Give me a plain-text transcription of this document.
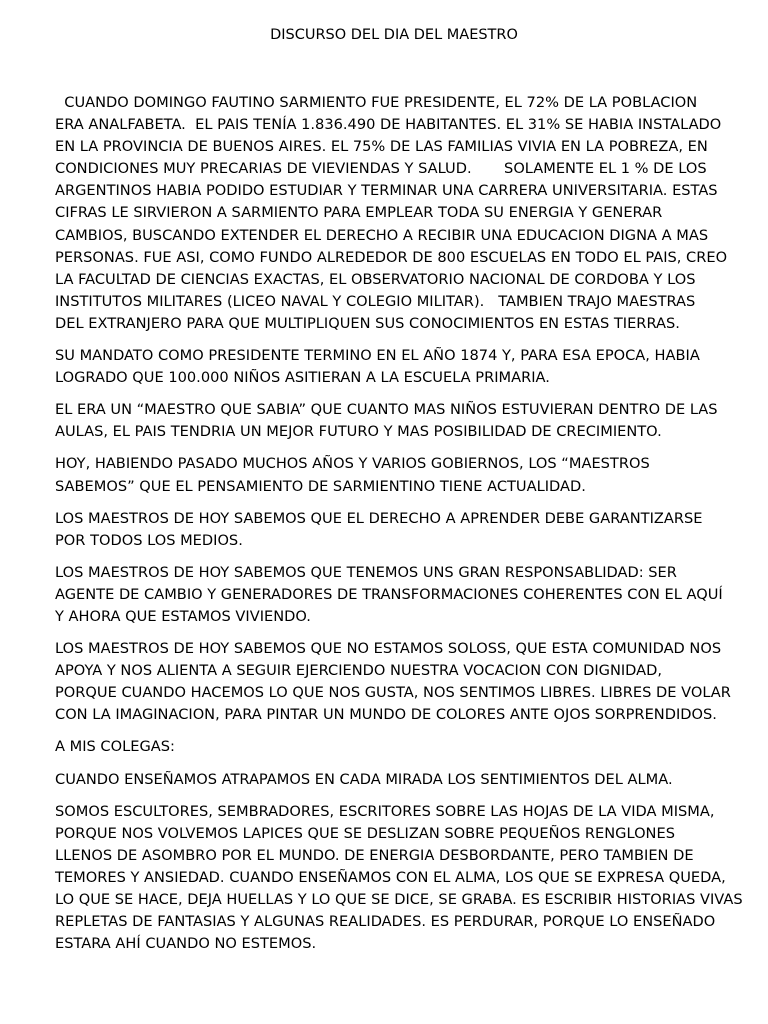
DISCURSO DEL DIA DEL MAESTRO

CUANDO DOMINGO FAUTINO SARMIENTO FUE PRESIDENTE, EL 72% DE LA POBLACION
ERA ANALFABETA.  EL PAIS TENÍA 1.836.490 DE HABITANTES. EL 31% SE HABIA INSTALADO
EN LA PROVINCIA DE BUENOS AIRES. EL 75% DE LAS FAMILIAS VIVIA EN LA POBREZA, EN
CONDICIONES MUY PRECARIAS DE VIEVIENDAS Y SALUD.       SOLAMENTE EL 1 % DE LOS
ARGENTINOS HABIA PODIDO ESTUDIAR Y TERMINAR UNA CARRERA UNIVERSITARIA. ESTAS
CIFRAS LE SIRVIERON A SARMIENTO PARA EMPLEAR TODA SU ENERGIA Y GENERAR
CAMBIOS, BUSCANDO EXTENDER EL DERECHO A RECIBIR UNA EDUCACION DIGNA A MAS
PERSONAS. FUE ASI, COMO FUNDO ALREDEDOR DE 800 ESCUELAS EN TODO EL PAIS, CREO
LA FACULTAD DE CIENCIAS EXACTAS, EL OBSERVATORIO NACIONAL DE CORDOBA Y LOS
INSTITUTOS MILITARES (LICEO NAVAL Y COLEGIO MILITAR).   TAMBIEN TRAJO MAESTRAS
DEL EXTRANJERO PARA QUE MULTIPLIQUEN SUS CONOCIMIENTOS EN ESTAS TIERRAS.

SU MANDATO COMO PRESIDENTE TERMINO EN EL AÑO 1874 Y, PARA ESA EPOCA, HABIA
LOGRADO QUE 100.000 NIÑOS ASITIERAN A LA ESCUELA PRIMARIA.

EL ERA UN “MAESTRO QUE SABIA” QUE CUANTO MAS NIÑOS ESTUVIERAN DENTRO DE LAS
AULAS, EL PAIS TENDRIA UN MEJOR FUTURO Y MAS POSIBILIDAD DE CRECIMIENTO.

HOY, HABIENDO PASADO MUCHOS AÑOS Y VARIOS GOBIERNOS, LOS “MAESTROS
SABEMOS” QUE EL PENSAMIENTO DE SARMIENTINO TIENE ACTUALIDAD.

LOS MAESTROS DE HOY SABEMOS QUE EL DERECHO A APRENDER DEBE GARANTIZARSE
POR TODOS LOS MEDIOS.

LOS MAESTROS DE HOY SABEMOS QUE TENEMOS UNS GRAN RESPONSABLIDAD: SER
AGENTE DE CAMBIO Y GENERADORES DE TRANSFORMACIONES COHERENTES CON EL AQUÍ
Y AHORA QUE ESTAMOS VIVIENDO.

LOS MAESTROS DE HOY SABEMOS QUE NO ESTAMOS SOLOSS, QUE ESTA COMUNIDAD NOS
APOYA Y NOS ALIENTA A SEGUIR EJERCIENDO NUESTRA VOCACION CON DIGNIDAD,
PORQUE CUANDO HACEMOS LO QUE NOS GUSTA, NOS SENTIMOS LIBRES. LIBRES DE VOLAR
CON LA IMAGINACION, PARA PINTAR UN MUNDO DE COLORES ANTE OJOS SORPRENDIDOS.

A MIS COLEGAS:

CUANDO ENSEÑAMOS ATRAPAMOS EN CADA MIRADA LOS SENTIMIENTOS DEL ALMA.

SOMOS ESCULTORES, SEMBRADORES, ESCRITORES SOBRE LAS HOJAS DE LA VIDA MISMA,
PORQUE NOS VOLVEMOS LAPICES QUE SE DESLIZAN SOBRE PEQUEÑOS RENGLONES
LLENOS DE ASOMBRO POR EL MUNDO. DE ENERGIA DESBORDANTE, PERO TAMBIEN DE
TEMORES Y ANSIEDAD. CUANDO ENSEÑAMOS CON EL ALMA, LOS QUE SE EXPRESA QUEDA,
LO QUE SE HACE, DEJA HUELLAS Y LO QUE SE DICE, SE GRABA. ES ESCRIBIR HISTORIAS VIVAS
REPLETAS DE FANTASIAS Y ALGUNAS REALIDADES. ES PERDURAR, PORQUE LO ENSEÑADO
ESTARA AHÍ CUANDO NO ESTEMOS.
